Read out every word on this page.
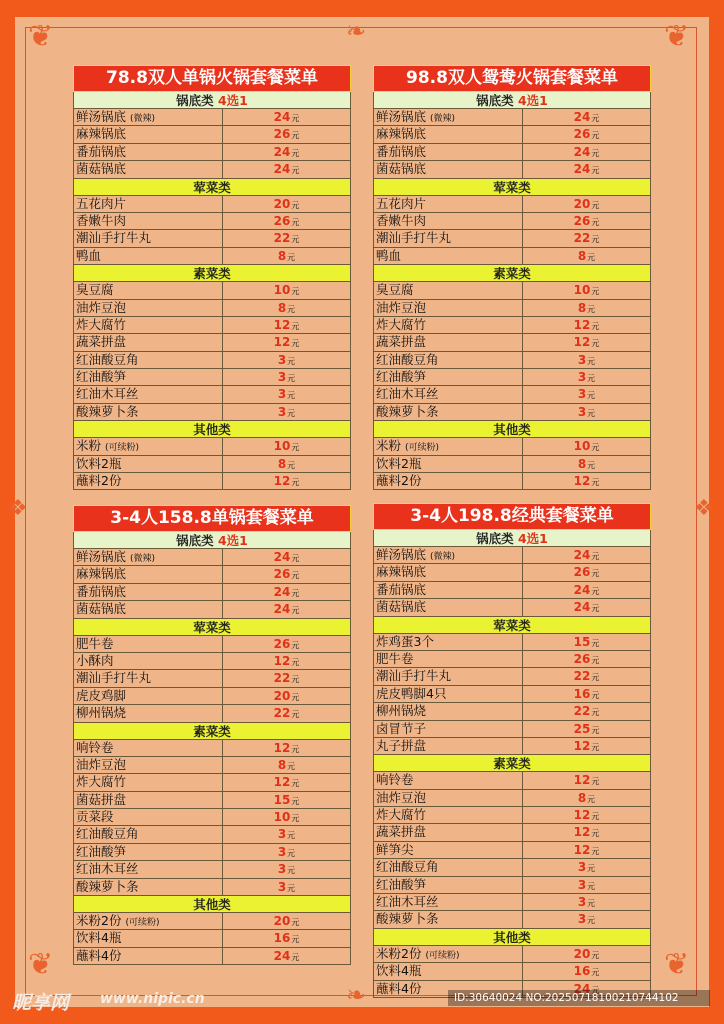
❦	❦
❦	❦
❧
❧
❖	❖
78.8双人单锅火锅套餐菜单
锅底类 4选1
鲜汤锅底 (微辣)	24元
麻辣锅底	26元
番茄锅底	24元
菌菇锅底	24元
荤菜类
五花肉片	20元
香嫩牛肉	26元
潮汕手打牛丸	22元
鸭血	8元
素菜类
臭豆腐	10元
油炸豆泡	8元
炸大腐竹	12元
蔬菜拼盘	12元
红油酸豆角	3元
红油酸笋	3元
红油木耳丝	3元
酸辣萝卜条	3元
其他类
米粉 (可续粉)	10元
饮料2瓶	8元
蘸料2份	12元
98.8双人鸳鸯火锅套餐菜单
锅底类 4选1
鲜汤锅底 (微辣)	24元
麻辣锅底	26元
番茄锅底	24元
菌菇锅底	24元
荤菜类
五花肉片	20元
香嫩牛肉	26元
潮汕手打牛丸	22元
鸭血	8元
素菜类
臭豆腐	10元
油炸豆泡	8元
炸大腐竹	12元
蔬菜拼盘	12元
红油酸豆角	3元
红油酸笋	3元
红油木耳丝	3元
酸辣萝卜条	3元
其他类
米粉 (可续粉)	10元
饮料2瓶	8元
蘸料2份	12元
3-4人158.8单锅套餐菜单
锅底类 4选1
鲜汤锅底 (微辣)	24元
麻辣锅底	26元
番茄锅底	24元
菌菇锅底	24元
荤菜类
肥牛卷	26元
小酥肉	12元
潮汕手打牛丸	22元
虎皮鸡脚	20元
柳州锅烧	22元
素菜类
响铃卷	12元
油炸豆泡	8元
炸大腐竹	12元
菌菇拼盘	15元
贡菜段	10元
红油酸豆角	3元
红油酸笋	3元
红油木耳丝	3元
酸辣萝卜条	3元
其他类
米粉2份 (可续粉)	20元
饮料4瓶	16元
蘸料4份	24元
3-4人198.8经典套餐菜单
锅底类 4选1
鲜汤锅底 (微辣)	24元
麻辣锅底	26元
番茄锅底	24元
菌菇锅底	24元
荤菜类
炸鸡蛋3个	15元
肥牛卷	26元
潮汕手打牛丸	22元
虎皮鸭脚4只	16元
柳州锅烧	22元
卤冒节子	25元
丸子拼盘	12元
素菜类
响铃卷	12元
油炸豆泡	8元
炸大腐竹	12元
蔬菜拼盘	12元
鲜笋尖	12元
红油酸豆角	3元
红油酸笋	3元
红油木耳丝	3元
酸辣萝卜条	3元
其他类
米粉2份 (可续粉)	20元
饮料4瓶	16元
蘸料4份	24元
昵享网 www.nipic.cn	ID:30640024 NO:20250718100210744102
